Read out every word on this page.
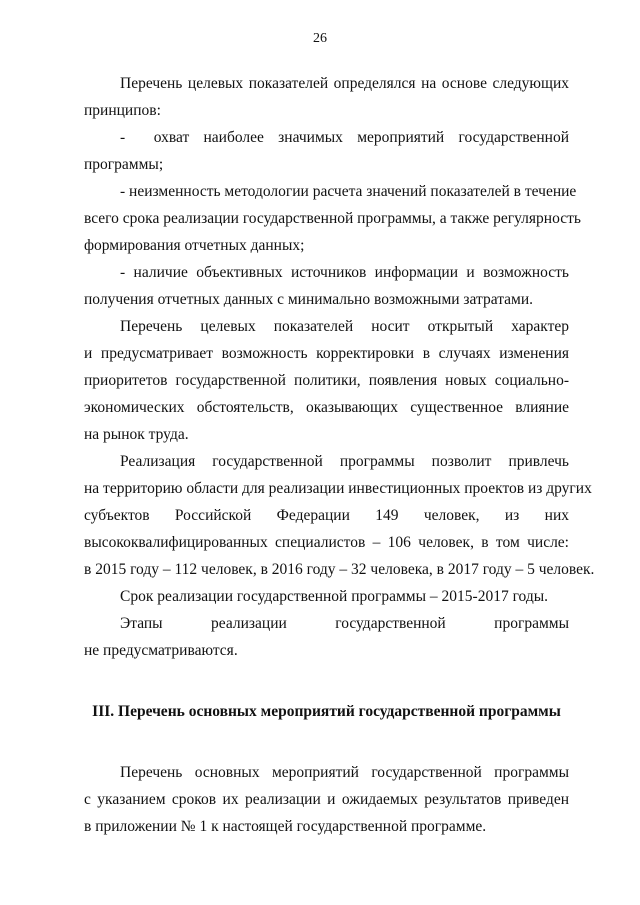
26
Перечень целевых показателей определялся на основе следующих
принципов:
-  охват наиболее значимых мероприятий государственной
программы;
- неизменность методологии расчета значений показателей в течение
всего срока реализации государственной программы, а также регулярность
формирования отчетных данных;
- наличие объективных источников информации и возможность
получения отчетных данных с минимально возможными затратами.
Перечень целевых показателей носит открытый характер
и предусматривает возможность корректировки в случаях изменения
приоритетов государственной политики, появления новых социально-
экономических обстоятельств, оказывающих существенное влияние
на рынок труда.
Реализация государственной программы позволит привлечь
на территорию области для реализации инвестиционных проектов из других
субъектов Российской Федерации 149 человек, из них
высококвалифицированных специалистов – 106 человек, в том числе:
в 2015 году – 112 человек, в 2016 году – 32 человека, в 2017 году – 5 человек.
Срок реализации государственной программы – 2015-2017 годы.
Этапы реализации государственной программы
не предусматриваются.
III. Перечень основных мероприятий государственной программы
Перечень основных мероприятий государственной программы
с указанием сроков их реализации и ожидаемых результатов приведен
в приложении № 1 к настоящей государственной программе.
